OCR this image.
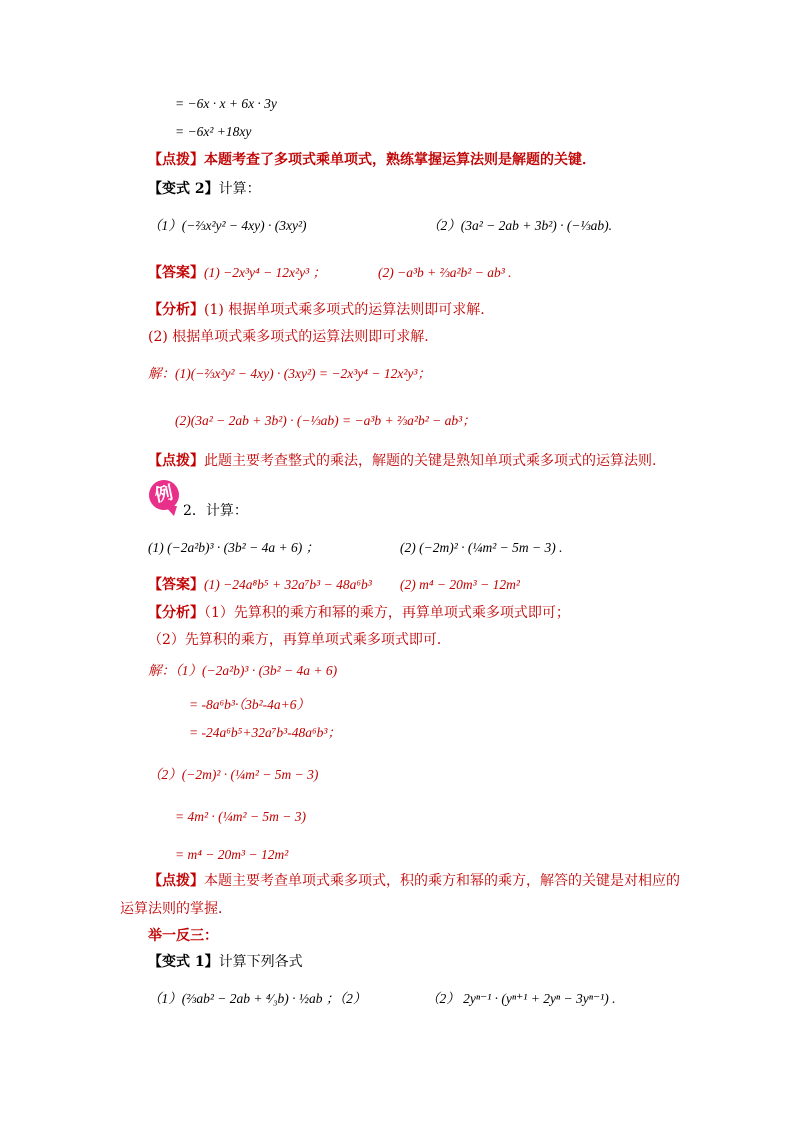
= −6x · x + 6x · 3y
= −6x² +18xy
【点拨】本题考查了多项式乘单项式，熟练掌握运算法则是解题的关键．
【变式 2】计算：
（1）(−⅔x²y² − 4xy) · (3xy²)	（2）(3a² − 2ab + 3b²) · (−⅓ab).
【答案】(1) −2x³y⁴ − 12x²y³ ；	(2) −a³b + ⅔a²b² − ab³ .
【分析】(1) 根据单项式乘多项式的运算法则即可求解.
(2) 根据单项式乘多项式的运算法则即可求解.
解：(1)(−⅔x²y² − 4xy) · (3xy²) = −2x³y⁴ − 12x²y³；
(2)(3a² − 2ab + 3b²) · (−⅓ab) = −a³b + ⅔a²b² − ab³；
【点拨】此题主要考查整式的乘法，解题的关键是熟知单项式乘多项式的运算法则.
例
2．计算：
(1) (−2a²b)³ · (3b² − 4a + 6) ；	(2) (−2m)² · (¼m² − 5m − 3) .
【答案】(1) −24a⁸b⁵ + 32a⁷b³ − 48a⁶b³ (2) m⁴ − 20m³ − 12m²
【分析】（1）先算积的乘方和幂的乘方，再算单项式乘多项式即可；
（2）先算积的乘方，再算单项式乘多项式即可．
解：（1）(−2a²b)³ · (3b² − 4a + 6)
= -8a⁶b³·（3b²-4a+6）
= -24a⁶b⁵+32a⁷b³-48a⁶b³；
（2）(−2m)² · (¼m² − 5m − 3)
= 4m² · (¼m² − 5m − 3)
= m⁴ − 20m³ − 12m²
【点拨】本题主要考查单项式乘多项式，积的乘方和幂的乘方，解答的关键是对相应的
运算法则的掌握．
举一反三：
【变式 1】计算下列各式
（1）(⅔ab² − 2ab + ⁴⁄₃b) · ½ab ；（2）	（2） 2yⁿ⁻¹ · (yⁿ⁺¹ + 2yⁿ − 3yⁿ⁻¹) .
